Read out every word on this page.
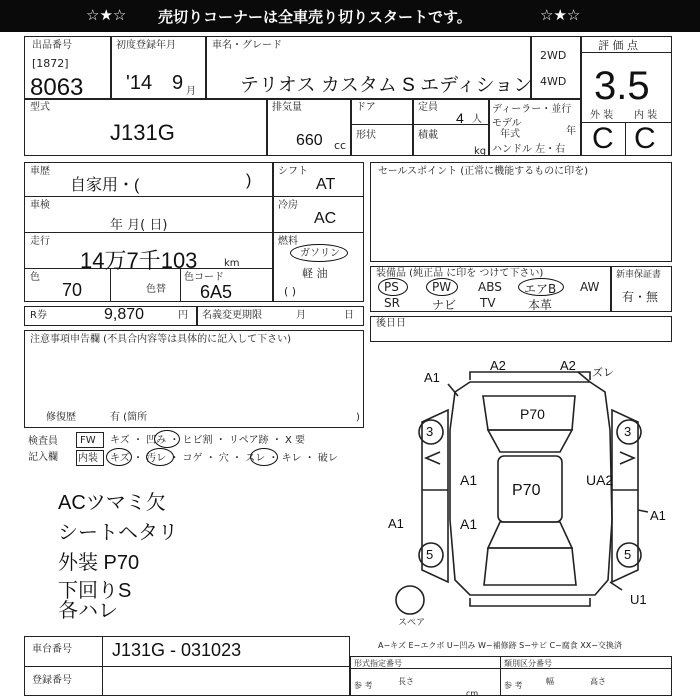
☆★☆ 売切りコーナーは全車売り切りスタートです。	☆★☆
出品番号
[1872]
8063
初度登録年月
'14 9 月
車名・グレード
テリオス カスタム S エディション
2WD
4WD
評 価 点
3.5
外 装 内 装
C C
型式
J131G
排気量
660 cc
ドア	定員
4 人
形状	積載
kg
ディーラー・並行
モデル
年式	年
ハンドル 左・右
車歴
自家用・(	)
車検
年 月( 日)
走行
14万7千103	km
色
70	色替
色コード
6A5
シフト
AT
冷房
AC
燃料
ガソリン
軽 油
( )
R券	9,870	円 名義変更期限	月	日
注意事項申告欄 (不具合内容等は具体的に記入して下さい)
修復歴	有 (箇所	)
検査員
記入欄
FW キズ ・ 凹み ・ ヒビ割 ・ リペア跡 ・ X 要
内装 キズ ・ 汚レ ・ コゲ ・ 穴 ・ スレ ・ キレ ・ 破レ
ACツマミ欠
シートヘタリ
外装 P70
下回りS
各ハレ
セールスポイント (正常に機能するものに印を)
装備品 (純正品 に印を つけて下さい)
PS	PW ABS エアB AW
SR	ナビ TV	本革
新車保証書
有・無
後日日
A1
A2	A2 ズレ
P70
3	3
A1
P70
UA2
A1	A1
A1
5	5
U1
スペア
A−キズ E−エクボ U−凹み W−補修跡 S−サビ C−腐食 XX−交換済
車台番号 J131G - 031023
登録番号
形式指定番号	類別区分番号
参 考	長さ
cm
参 考	幅	高さ
